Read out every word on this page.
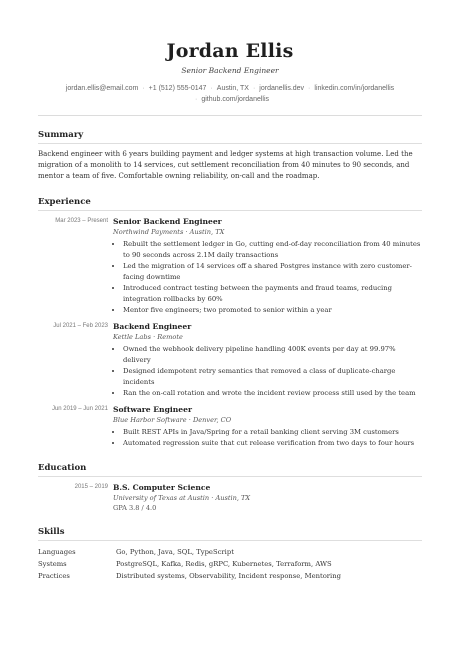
Jordan Ellis
Senior Backend Engineer
jordan.ellis@email.com · +1 (512) 555-0147 · Austin, TX · jordanellis.dev · linkedin.com/in/jordanellis
· github.com/jordanellis
Summary
Backend engineer with 6 years building payment and ledger systems at high transaction volume. Led the migration of a monolith to 14 services, cut settlement reconciliation from 40 minutes to 90 seconds, and mentor a team of five. Comfortable owning reliability, on-call and the roadmap.
Experience
Mar 2023 – Present Senior Backend Engineer
Northwind Payments · Austin, TX
• Rebuilt the settlement ledger in Go, cutting end-of-day reconciliation from 40 minutes to 90 seconds across 2.1M daily transactions
• Led the migration of 14 services off a shared Postgres instance with zero customer-facing downtime
• Introduced contract testing between the payments and fraud teams, reducing integration rollbacks by 60%
• Mentor five engineers; two promoted to senior within a year
Jul 2021 – Feb 2023 Backend Engineer
Kettle Labs · Remote
• Owned the webhook delivery pipeline handling 400K events per day at 99.97% delivery
• Designed idempotent retry semantics that removed a class of duplicate-charge incidents
• Ran the on-call rotation and wrote the incident review process still used by the team
Jun 2019 – Jun 2021 Software Engineer
Blue Harbor Software · Denver, CO
• Built REST APIs in Java/Spring for a retail banking client serving 3M customers
• Automated regression suite that cut release verification from two days to four hours
Education
2015 – 2019 B.S. Computer Science
University of Texas at Austin · Austin, TX
GPA 3.8 / 4.0
Skills
Languages	Go, Python, Java, SQL, TypeScript
Systems	PostgreSQL, Kafka, Redis, gRPC, Kubernetes, Terraform, AWS
Practices	Distributed systems, Observability, Incident response, Mentoring
